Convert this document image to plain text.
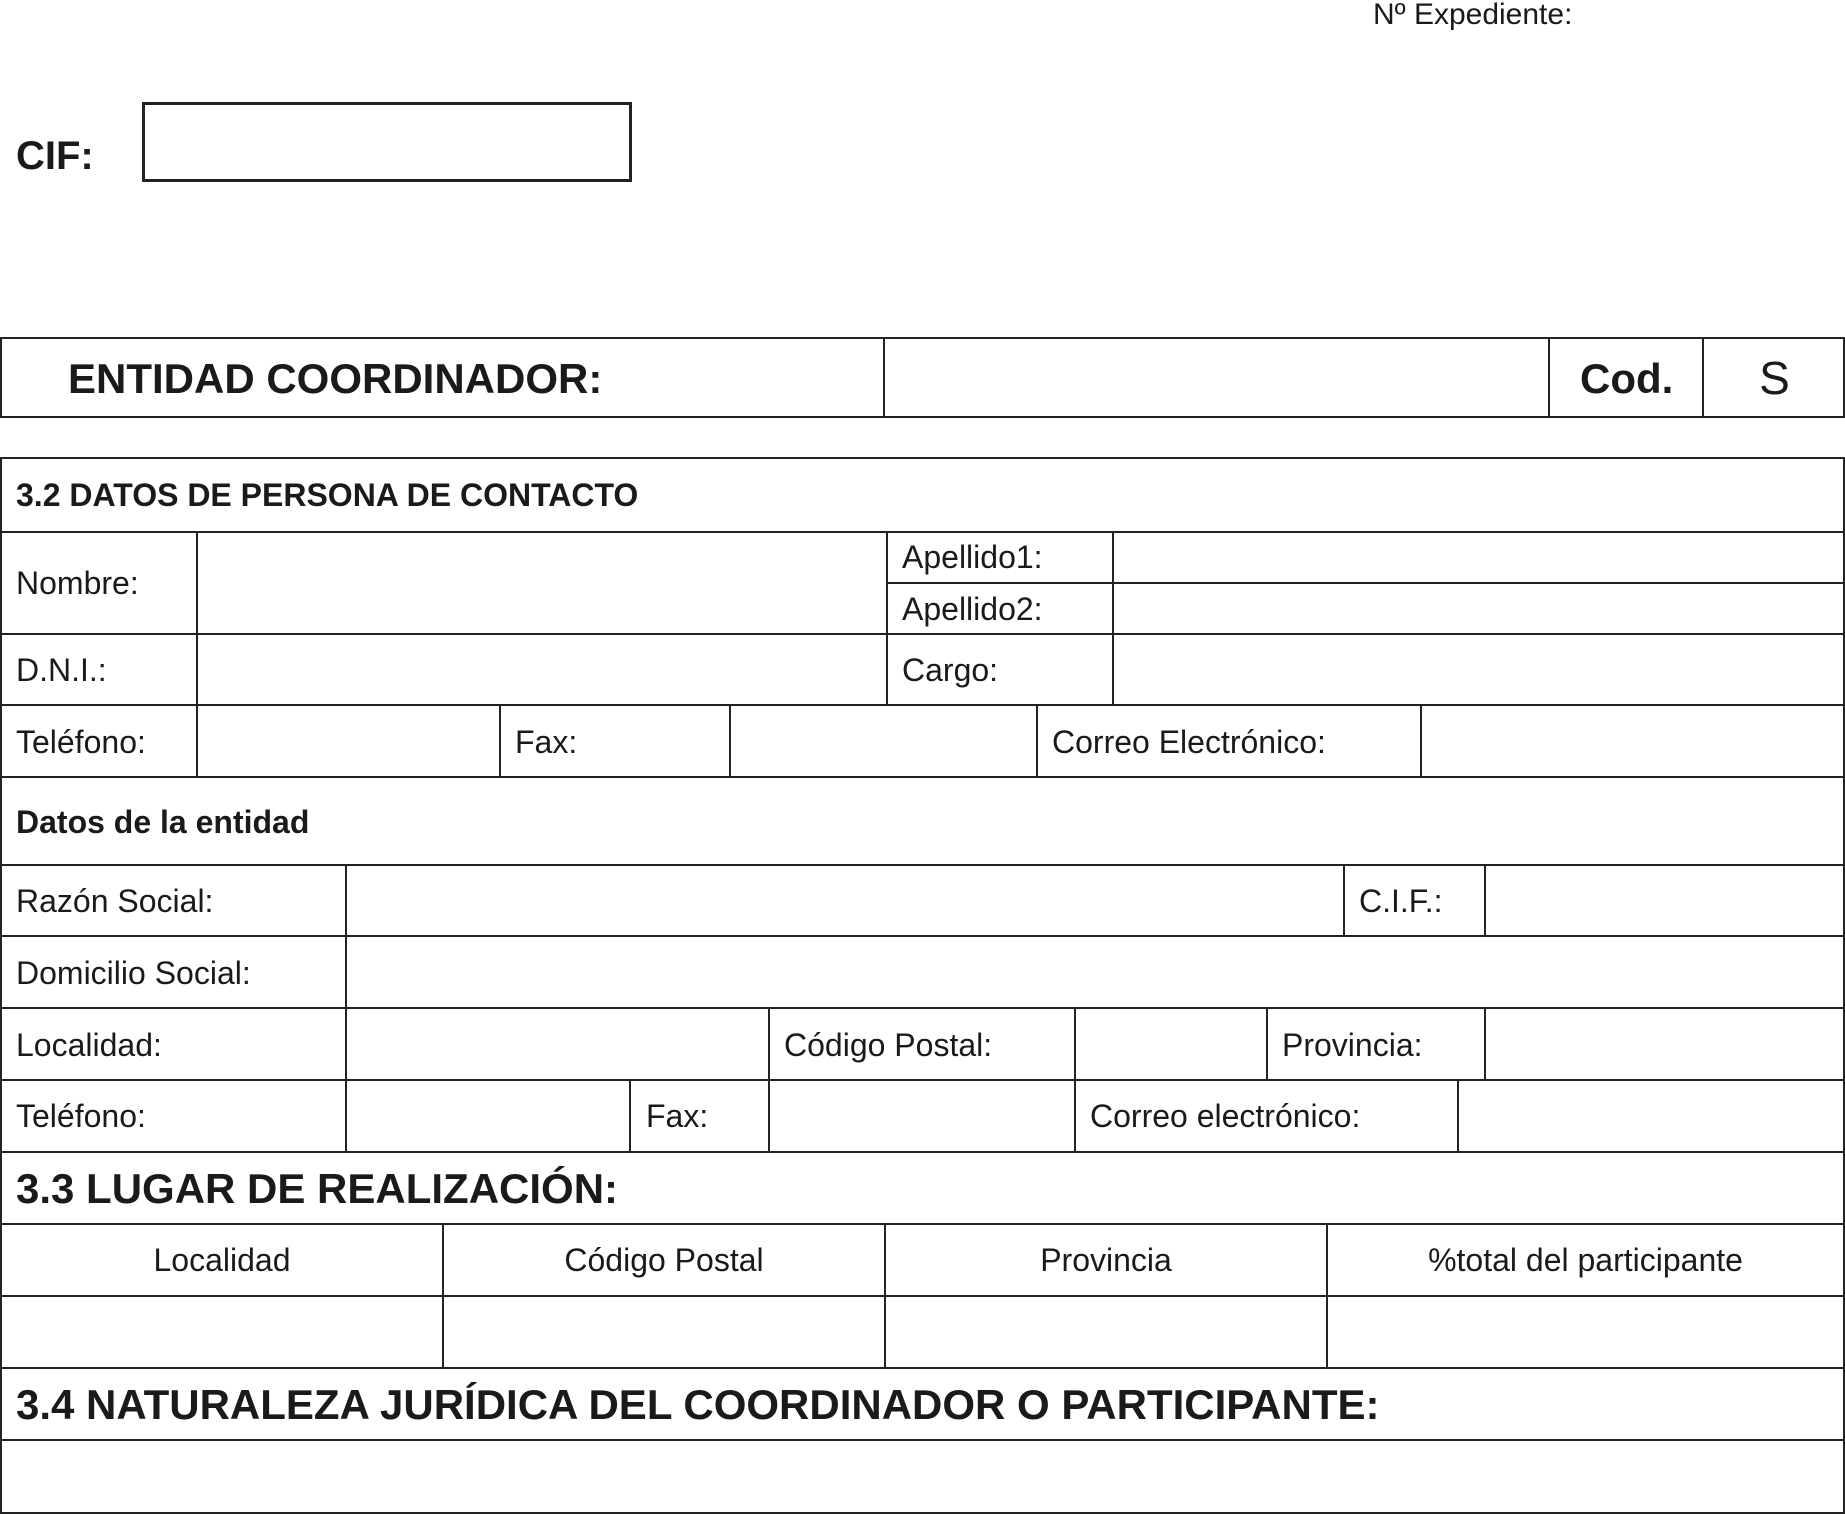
Nº Expediente:
CIF:
ENTIDAD COORDINADOR:	Cod.	S
3.2 DATOS DE PERSONA DE CONTACTO
Nombre:
Apellido1:
Apellido2:
D.N.I.:	Cargo:
Teléfono:	Fax:	Correo Electrónico:
Datos de la entidad
Razón Social:	C.I.F.:
Domicilio Social:
Localidad:	Código Postal:	Provincia:
Teléfono:	Fax:	Correo electrónico:
3.3 LUGAR DE REALIZACIÓN:
Localidad	Código Postal	Provincia	%total del participante
3.4 NATURALEZA JURÍDICA DEL COORDINADOR O PARTICIPANTE:
